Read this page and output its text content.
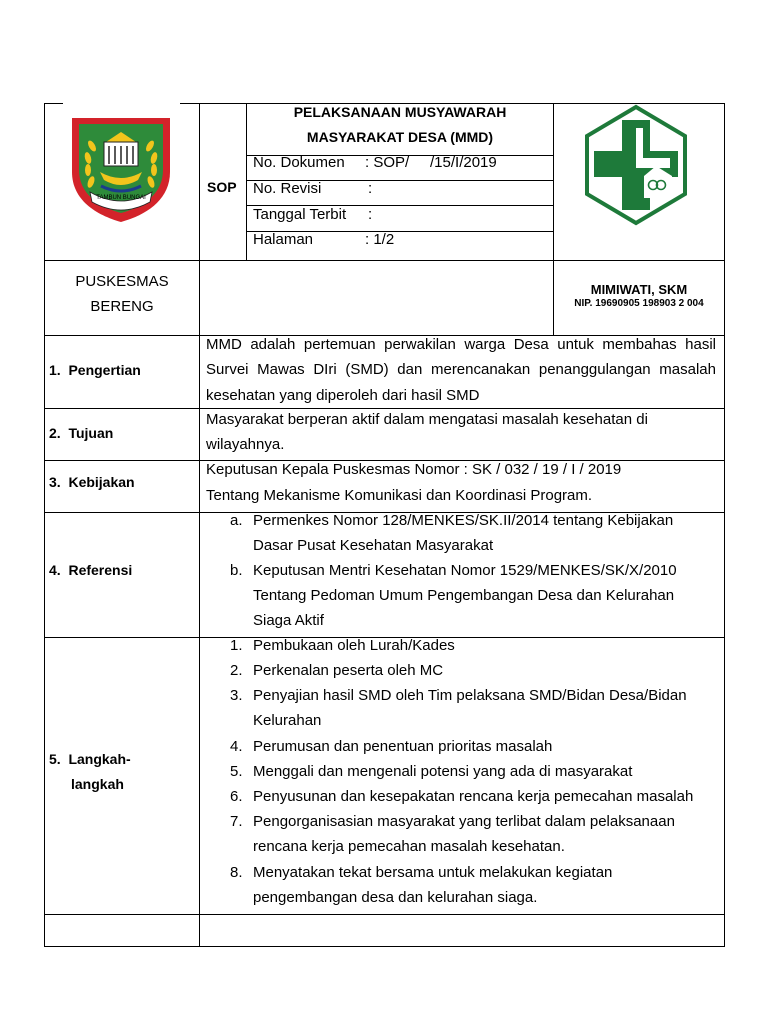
TAMBUN BUNGAI
SOP
PELAKSANAAN MUSYAWARAH
MASYARAKAT DESA (MMD)
No. Dokumen : SOP/     /15/I/2019
No. Revisi	:
Tanggal Terbit :
Halaman	: 1/2
PUSKESMAS
BERENG
MIMIWATI, SKM
NIP. 19690905 198903 2 004
1.  Pengertian
MMD adalah pertemuan perwakilan warga Desa untuk membahas hasil
Survei Mawas DIri (SMD) dan merencanakan penanggulangan masalah
kesehatan yang diperoleh dari hasil SMD
2.  Tujuan
Masyarakat berperan aktif dalam mengatasi masalah kesehatan di
wilayahnya.
3.  Kebijakan
Keputusan Kepala Puskesmas Nomor : SK / 032 / 19 / I / 2019
Tentang Mekanisme Komunikasi dan Koordinasi Program.
4.  Referensi
a. Permenkes Nomor 128/MENKES/SK.II/2014 tentang Kebijakan
Dasar Pusat Kesehatan Masyarakat
b. Keputusan Mentri Kesehatan Nomor 1529/MENKES/SK/X/2010
Tentang Pedoman Umum Pengembangan Desa dan Kelurahan
Siaga Aktif
5.  Langkah-
langkah
1. Pembukaan oleh Lurah/Kades
2. Perkenalan peserta oleh MC
3. Penyajian hasil SMD oleh Tim pelaksana SMD/Bidan Desa/Bidan
Kelurahan
4. Perumusan dan penentuan prioritas masalah
5. Menggali dan mengenali potensi yang ada di masyarakat
6. Penyusunan dan kesepakatan rencana kerja pemecahan masalah
7. Pengorganisasian masyarakat yang terlibat dalam pelaksanaan
rencana kerja pemecahan masalah kesehatan.
8. Menyatakan tekat bersama untuk melakukan kegiatan
pengembangan desa dan kelurahan siaga.
